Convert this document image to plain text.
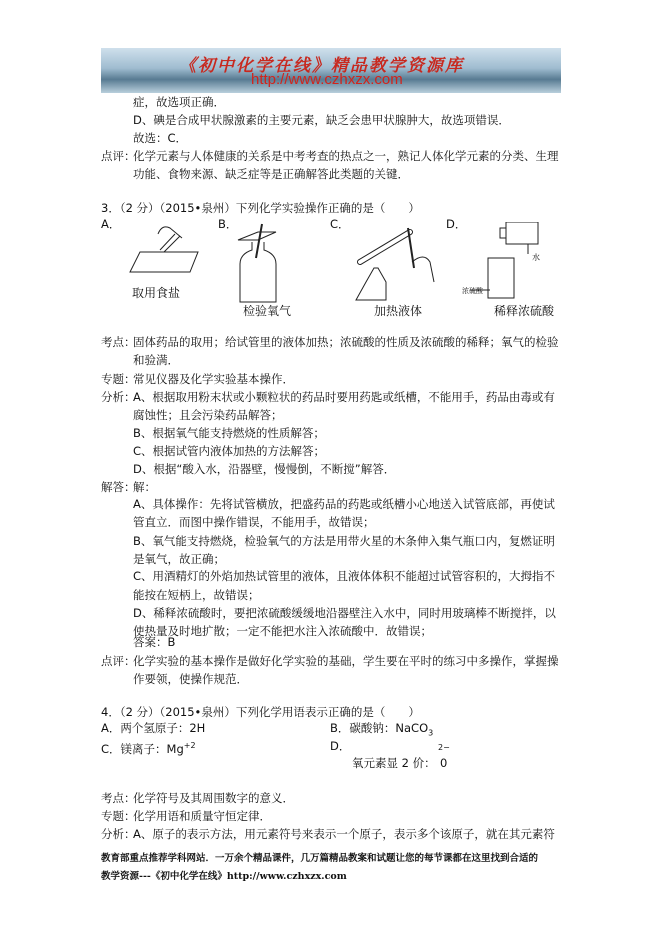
《初中化学在线》精品教学资源库
http://www.czhxzx.com
症，故选项正确．
D、碘是合成甲状腺激素的主要元素，缺乏会患甲状腺肿大，故选项错误．
故选：C．
点评：
化学元素与人体健康的关系是中考考查的热点之一，熟记人体化学元素的分类、生理
功能、食物来源、缺乏症等是正确解答此类题的关键．
3．（2 分）（2015•泉州）下列化学实验操作正确的是（　　）
A．	B．	C．	D．
水
浓硫酸
取用食盐
检验氧气	加热液体	稀释浓硫酸
考点：
固体药品的取用；给试管里的液体加热；浓硫酸的性质及浓硫酸的稀释；氧气的检验
和验满．
专题：
常见仪器及化学实验基本操作．
分析：
A、根据取用粉末状或小颗粒状的药品时要用药匙或纸槽，不能用手，药品由毒或有
腐蚀性；且会污染药品解答；
B、根据氧气能支持燃烧的性质解答；
C、根据试管内液体加热的方法解答；
D、根据“酸入水，沿器壁，慢慢倒，不断搅”解答．
解答：
解：
A、具体操作：先将试管横放，把盛药品的药匙或纸槽小心地送入试管底部，再使试
管直立．而图中操作错误，不能用手，故错误；
B、氧气能支持燃烧，检验氧气的方法是用带火星的木条伸入集气瓶口内，复燃证明
是氧气，故正确；
C、用酒精灯的外焰加热试管里的液体，且液体体积不能超过试管容积的，大拇指不
能按在短柄上，故错误；
D、稀释浓硫酸时，要把浓硫酸缓缓地沿器壁注入水中，同时用玻璃棒不断搅拌，以
使热量及时地扩散；一定不能把水注入浓硫酸中．故错误；
答案：B
点评：
化学实验的基本操作是做好化学实验的基础，学生要在平时的练习中多操作，掌握操
作要领，使操作规范．
4．（2 分）（2015•泉州）下列化学用语表示正确的是（　　）
A．两个氢原子：2H	B．碳酸钠：NaCO$_3$
C．镁离子：$Mg^{+2}$	D．
氧元素显 2 价：
2−
0
考点：
化学符号及其周围数字的意义．
专题：
化学用语和质量守恒定律．
分析：
A、原子的表示方法，用元素符号来表示一个原子，表示多个该原子，就在其元素符
教育部重点推荐学科网站．一万余个精品课件，几万篇精品教案和试题让您的每节课都在这里找到合适的
教学资源---《初中化学在线》http://www.czhxzx.com
